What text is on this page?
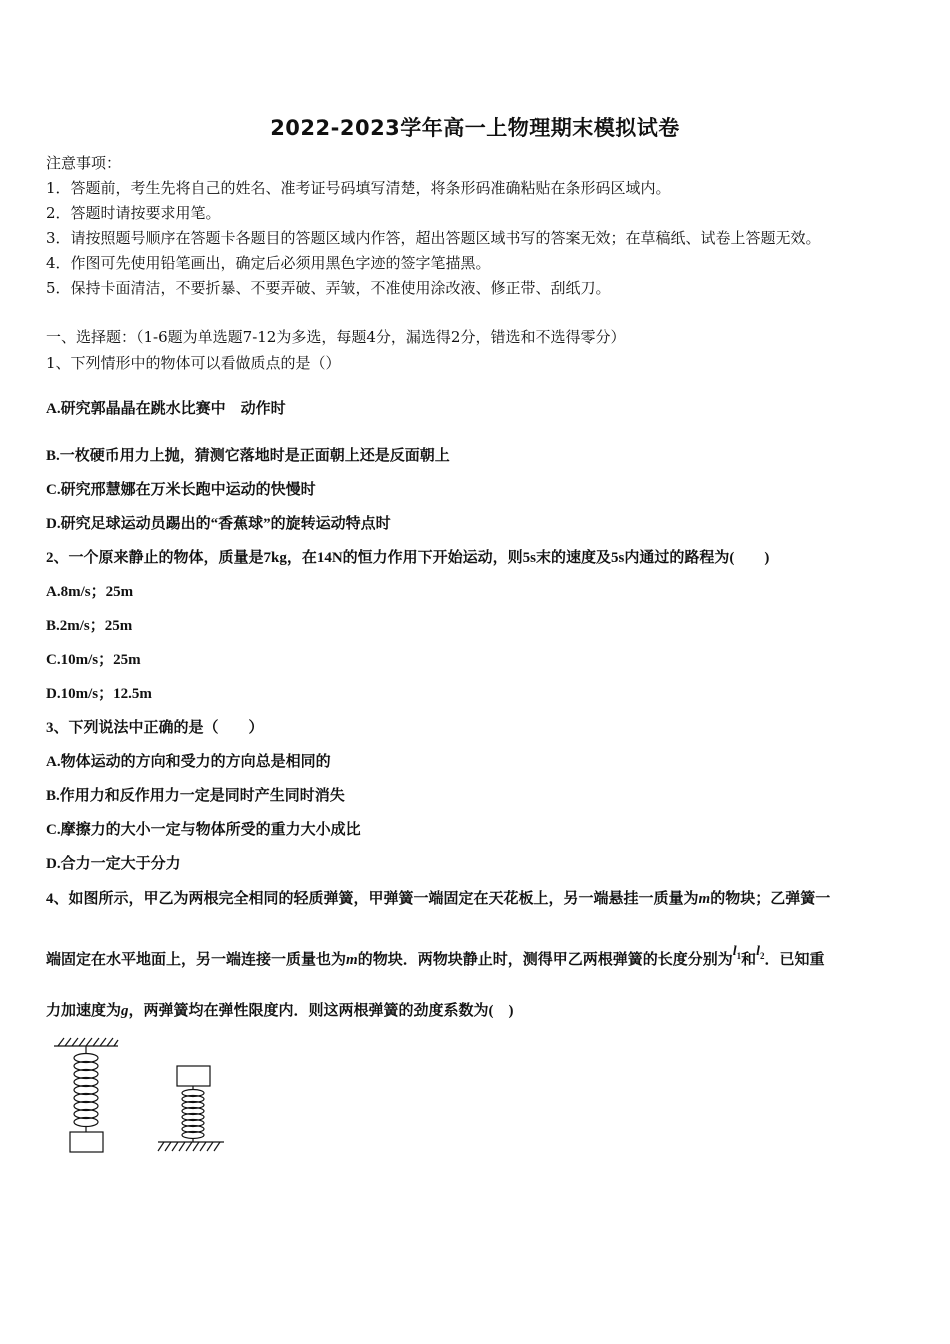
2022-2023学年高一上物理期末模拟试卷
注意事项：
1．答题前，考生先将自己的姓名、准考证号码填写清楚，将条形码准确粘贴在条形码区域内。
2．答题时请按要求用笔。
3．请按照题号顺序在答题卡各题目的答题区域内作答，超出答题区域书写的答案无效；在草稿纸、试卷上答题无效。
4．作图可先使用铅笔画出，确定后必须用黑色字迹的签字笔描黑。
5．保持卡面清洁，不要折暴、不要弄破、弄皱，不准使用涂改液、修正带、刮纸刀。
一、选择题：（1-6题为单选题7-12为多选，每题4分，漏选得2分，错选和不选得零分）
1、下列情形中的物体可以看做质点的是（）
A.研究郭晶晶在跳水比赛中　动作时
B.一枚硬币用力上抛，猜测它落地时是正面朝上还是反面朝上
C.研究邢慧娜在万米长跑中运动的快慢时
D.研究足球运动员踢出的“香蕉球”的旋转运动特点时
2、一个原来静止的物体，质量是7kg，在14N的恒力作用下开始运动，则5s末的速度及5s内通过的路程为(　　)
A.8m/s；25m
B.2m/s；25m
C.10m/s；25m
D.10m/s；12.5m
3、下列说法中正确的是（　　）
A.物体运动的方向和受力的方向总是相同的
B.作用力和反作用力一定是同时产生同时消失
C.摩擦力的大小一定与物体所受的重力大小成比
D.合力一定大于分力
4、如图所示，甲乙为两根完全相同的轻质弹簧，甲弹簧一端固定在天花板上，另一端悬挂一质量为m的物块；乙弹簧一
端固定在水平地面上，另一端连接一质量也为m的物块．两物块静止时，测得甲乙两根弹簧的长度分别为$l_1$和$l_2$．已知重
力加速度为g，两弹簧均在弹性限度内．则这两根弹簧的劲度系数为(　)
